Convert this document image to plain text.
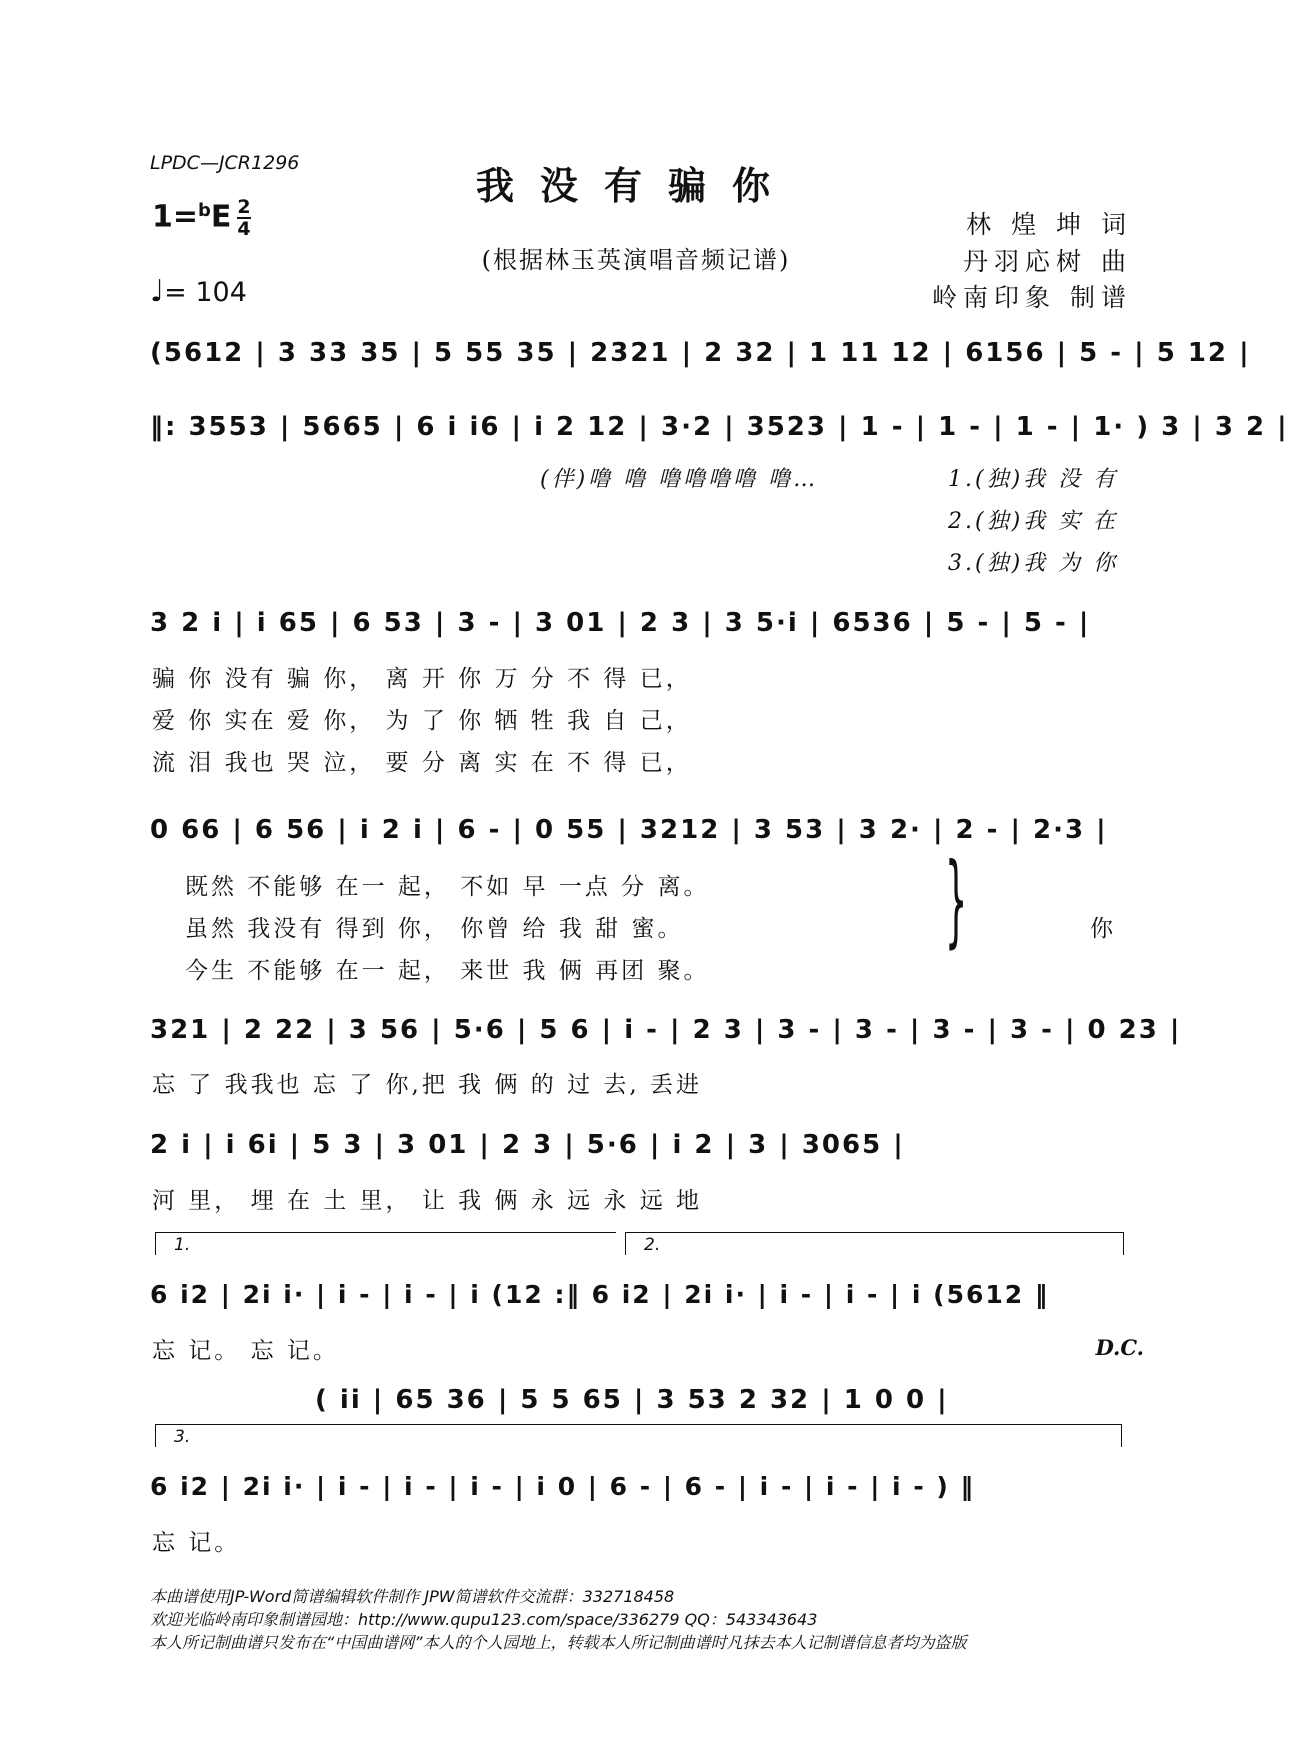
LPDC—JCR1296	我没有骗你
$1=^bE \frac{2}{4}$
(根据林玉英演唱音频记谱)
林 煌 坤 词
丹羽応树 曲
岭南印象 制谱
♩= 104
(5612 | 3 33 35 | 5 55 35 | 2321 | 2 32 | 1 11 12 | 6156 | 5 - | 5 12 |
‖: 3553 | 5665 | 6 i i6 | i 2 12 | 3·2 | 3523 | 1 - | 1 - | 1 - | 1· ) 3 | 3 2 |
(伴)噜 噜 噜噜噜噜 噜…	1.(独)我 没 有
2.(独)我 实 在
3.(独)我 为 你
3 2 i | i 65 | 6 53 | 3 - | 3 01 | 2 3 | 3 5·i | 6536 | 5 - | 5 - |
骗 你 没有 骗 你， 离 开 你 万 分 不 得 已，
爱 你 实在 爱 你， 为 了 你 牺 牲 我 自 己，
流 泪 我也 哭 泣， 要 分 离 实 在 不 得 已，
0 66 | 6 56 | i 2 i | 6 - | 0 55 | 3212 | 3 53 | 3 2· | 2 - | 2·3 |
既然 不能够 在一 起， 不如 早 一点 分 离。
虽然 我没有 得到 你， 你曾 给 我 甜 蜜。
今生 不能够 在一 起， 来世 我 俩 再团 聚。
}	你
321 | 2 22 | 3 56 | 5·6 | 5 6 | i - | 2 3 | 3 - | 3 - | 3 - | 3 - | 0 23 |
忘 了 我我也 忘 了 你,把 我 俩 的 过 去, 丢进
2 i | i 6i | 5 3 | 3 01 | 2 3 | 5·6 | i 2 | 3 | 3065 |
河 里， 埋 在 土 里， 让 我 俩 永 远 永 远 地
1.	2.
6 i2 | 2i i· | i - | i - | i (12 :‖ 6 i2 | 2i i· | i - | i - | i (5612 ‖
忘 记。 忘 记。	D.C.
( ii | 65 36 | 5 5 65 | 3 53 2 32 | 1 0 0 |
3.
6 i2 | 2i i· | i - | i - | i - | i 0 | 6 - | 6 - | i - | i - | i - ) ‖
忘 记。
本曲谱使用JP-Word简谱编辑软件制作 JPW简谱软件交流群：332718458
欢迎光临岭南印象制谱园地：http://www.qupu123.com/space/336279 QQ：543343643
本人所记制曲谱只发布在“中国曲谱网”本人的个人园地上，转载本人所记制曲谱时凡抹去本人记制谱信息者均为盗版
